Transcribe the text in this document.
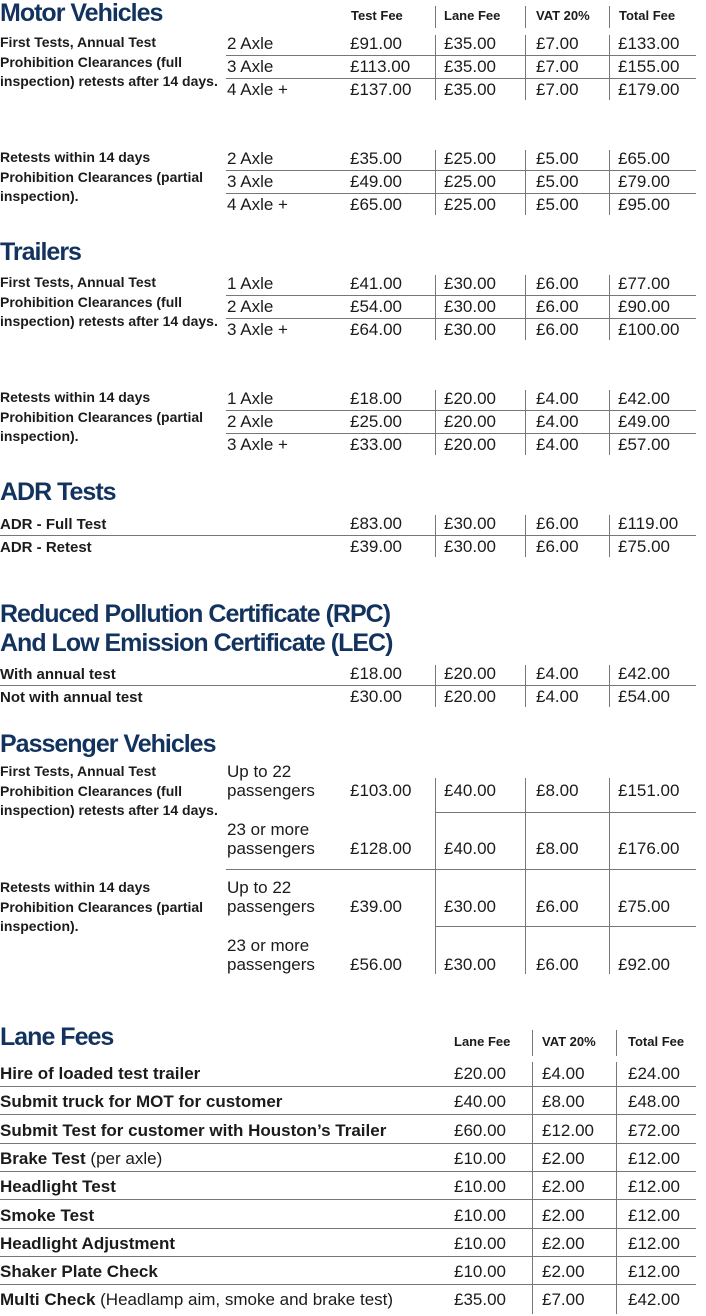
Test Fee	Lane Fee	VAT 20% Total Fee
Motor Vehicles
First Tests, Annual Test Prohibition Clearances (full inspection) retests after 14 days.
2 Axle	£91.00 £35.00 £7.00 £133.00
3 Axle	£113.00 £35.00 £7.00 £155.00
4 Axle +	£137.00 £35.00 £7.00 £179.00
Retests within 14 days Prohibition Clearances (partial inspection).
2 Axle	£35.00 £25.00 £5.00 £65.00
3 Axle	£49.00 £25.00 £5.00 £79.00
4 Axle +	£65.00 £25.00 £5.00 £95.00
Trailers
First Tests, Annual Test Prohibition Clearances (full inspection) retests after 14 days.
1 Axle	£41.00 £30.00 £6.00 £77.00
2 Axle	£54.00 £30.00 £6.00 £90.00
3 Axle +	£64.00 £30.00 £6.00 £100.00
Retests within 14 days Prohibition Clearances (partial inspection).
1 Axle	£18.00 £20.00 £4.00 £42.00
2 Axle	£25.00 £20.00 £4.00 £49.00
3 Axle +	£33.00 £20.00 £4.00 £57.00
ADR Tests
ADR - Full Test	£83.00 £30.00 £6.00 £119.00
ADR - Retest	£39.00 £30.00 £6.00 £75.00
Reduced Pollution Certificate (RPC)
And Low Emission Certificate (LEC)
With annual test	£18.00 £20.00 £4.00 £42.00
Not with annual test	£30.00 £20.00 £4.00 £54.00
Passenger Vehicles
Up to 22
passengers £103.00 £40.00 £8.00 £151.00
23 or more
passengers £128.00 £40.00 £8.00 £176.00
Up to 22
passengers £39.00 £30.00 £6.00 £75.00
23 or more
passengers £56.00 £30.00 £6.00 £92.00
First Tests, Annual Test Prohibition Clearances (full inspection) retests after 14 days.
Retests within 14 days Prohibition Clearances (partial inspection).
Lane Fees	Lane Fee VAT 20% Total Fee
Hire of loaded test trailer	£20.00 £4.00	£24.00
Submit truck for MOT for customer	£40.00 £8.00	£48.00
Submit Test for customer with Houston’s Trailer	£60.00 £12.00 £72.00
Brake Test (per axle)	£10.00 £2.00	£12.00
Headlight Test	£10.00 £2.00	£12.00
Smoke Test	£10.00 £2.00	£12.00
Headlight Adjustment	£10.00 £2.00	£12.00
Shaker Plate Check	£10.00 £2.00	£12.00
Multi Check (Headlamp aim, smoke and brake test)	£35.00 £7.00	£42.00
